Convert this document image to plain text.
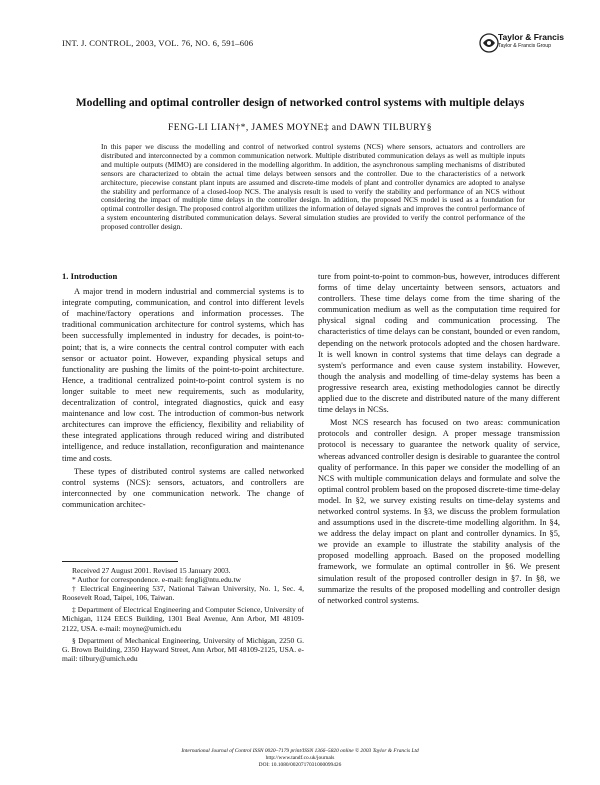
INT. J. CONTROL, 2003, VOL. 76, NO. 6, 591–606
Taylor & Francis
Taylor & Francis Group
Modelling and optimal controller design of networked control systems with multiple delays
FENG-LI LIAN†*, JAMES MOYNE‡ and DAWN TILBURY§
In this paper we discuss the modelling and control of networked control systems (NCS) where sensors, actuators and controllers are distributed and interconnected by a common communication network. Multiple distributed communication delays as well as multiple inputs and multiple outputs (MIMO) are considered in the modelling algorithm. In addition, the asynchronous sampling mechanisms of distributed sensors are characterized to obtain the actual time delays between sensors and the controller. Due to the characteristics of a network architecture, piecewise constant plant inputs are assumed and discrete-time models of plant and controller dynamics are adopted to analyse the stability and performance of a closed-loop NCS. The analysis result is used to verify the stability and performance of an NCS without considering the impact of multiple time delays in the controller design. In addition, the proposed NCS model is used as a foundation for optimal controller design. The proposed control algorithm utilizes the information of delayed signals and improves the control performance of a system encountering distributed communication delays. Several simulation studies are provided to verify the control performance of the proposed controller design.
1. Introduction

A major trend in modern industrial and commercial systems is to integrate computing, communication, and control into different levels of machine/factory operations and information processes. The traditional communication architecture for control systems, which has been successfully implemented in industry for decades, is point-to-point; that is, a wire connects the central control computer with each sensor or actuator point. However, expanding physical setups and functionality are pushing the limits of the point-to-point architecture. Hence, a traditional centralized point-to-point control system is no longer suitable to meet new requirements, such as modularity, decentralization of control, integrated diagnostics, quick and easy maintenance and low cost. The introduction of common-bus network architectures can improve the efficiency, flexibility and reliability of these integrated applications through reduced wiring and distributed intelligence, and reduce installation, reconfiguration and maintenance time and costs.

These types of distributed control systems are called networked control systems (NCS): sensors, actuators, and controllers are interconnected by one communication network. The change of communication architec-

ture from point-to-point to common-bus, however, introduces different forms of time delay uncertainty between sensors, actuators and controllers. These time delays come from the time sharing of the communication medium as well as the computation time required for physical signal coding and communication processing. The characteristics of time delays can be constant, bounded or even random, depending on the network protocols adopted and the chosen hardware. It is well known in control systems that time delays can degrade a system's performance and even cause system instability. However, though the analysis and modelling of time-delay systems has been a progressive research area, existing methodologies cannot be directly applied due to the discrete and distributed nature of the many different time delays in NCSs.

Most NCS research has focused on two areas: communication protocols and controller design. A proper message transmission protocol is necessary to guarantee the network quality of service, whereas advanced controller design is desirable to guarantee the control quality of performance. In this paper we consider the modelling of an NCS with multiple communication delays and formulate and solve the optimal control problem based on the proposed discrete-time time-delay model. In §2, we survey existing results on time-delay systems and networked control systems. In §3, we discuss the problem formulation and assumptions used in the discrete-time modelling algorithm. In §4, we address the delay impact on plant and controller dynamics. In §5, we provide an example to illustrate the stability analysis of the proposed modelling approach. Based on the proposed modelling framework, we formulate an optimal controller in §6. We present simulation result of the proposed controller design in §7. In §8, we summarize the results of the proposed modelling and controller design of networked control systems.

Received 27 August 2001. Revised 15 January 2003.

* Author for correspondence. e-mail: fengli@ntu.edu.tw

† Electrical Engineering 537, National Taiwan University, No. 1, Sec. 4, Roosevelt Road, Taipei, 106, Taiwan.

‡ Department of Electrical Engineering and Computer Science, University of Michigan, 1124 EECS Building, 1301 Beal Avenue, Ann Arbor, MI 48109-2122, USA. e-mail: moyne@umich.edu

§ Department of Mechanical Engineering, University of Michigan, 2250 G. G. Brown Building, 2350 Hayward Street, Ann Arbor, MI 48109-2125, USA. e-mail: tilbury@umich.edu

International Journal of Control ISSN 0020–7179 print/ISSN 1366–5820 online © 2003 Taylor & Francis Ltd
http://www.tandf.co.uk/journals
DOI: 10.1080/0020717031000099426
